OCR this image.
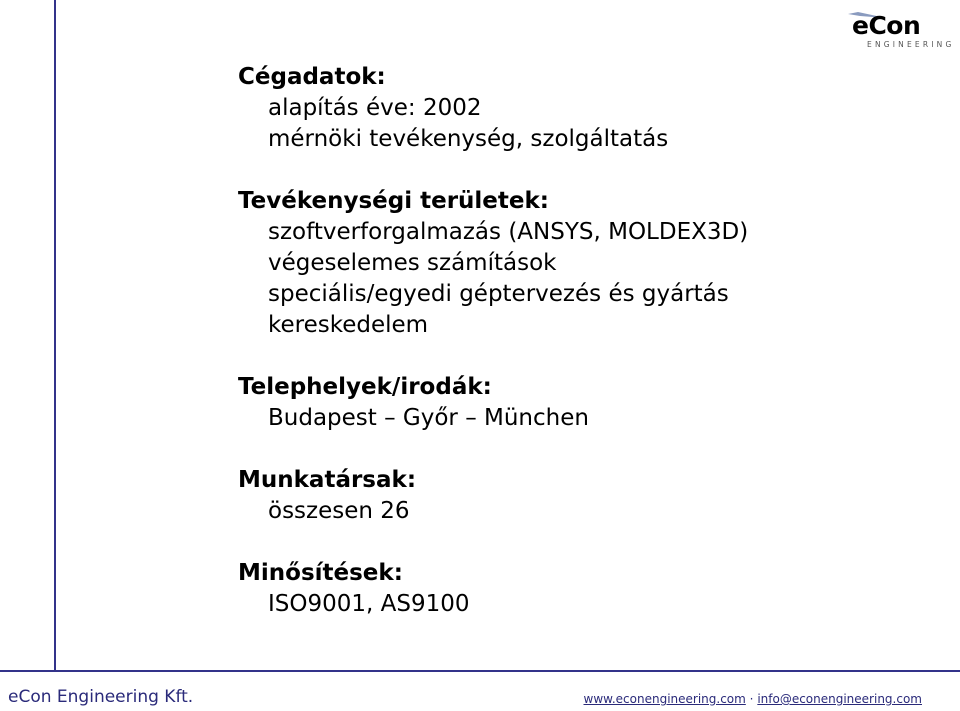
eCon
ENGINEERING
Cégadatok:
alapítás éve: 2002
mérnöki tevékenység, szolgáltatás
Tevékenységi területek:
szoftverforgalmazás (ANSYS, MOLDEX3D)
végeselemes számítások
speciális/egyedi géptervezés és gyártás
kereskedelem
Telephelyek/irodák:
Budapest – Győr – München
Munkatársak:
összesen 26
Minősítések:
ISO9001, AS9100
eCon Engineering Kft.	www.econengineering.com · info@econengineering.com
